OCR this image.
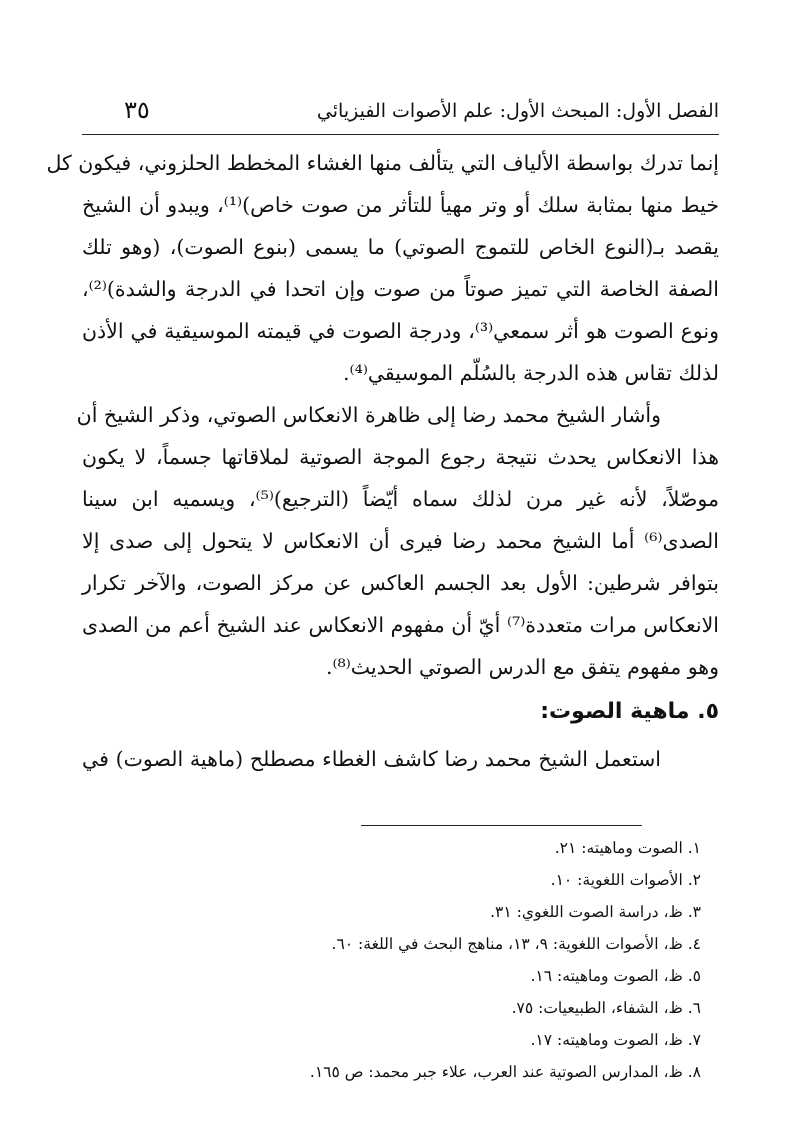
الفصل الأول: المبحث الأول: علم الأصوات الفيزيائي
٣٥
إنما تدرك بواسطة الألياف التي يتألف منها الغشاء المخطط الحلزوني، فيكون كل
خيط منها بمثابة سلك أو وتر مهيأ للتأثر من صوت خاص)⁽¹⁾، ويبدو أن الشيخ
يقصد بـ(النوع الخاص للتموج الصوتي) ما يسمى (بنوع الصوت)، (وهو تلك
الصفة الخاصة التي تميز صوتاً من صوت وإن اتحدا في الدرجة والشدة)⁽²⁾،
ونوع الصوت هو أثر سمعي⁽³⁾، ودرجة الصوت في قيمته الموسيقية في الأذن
لذلك تقاس هذه الدرجة بالسُلّم الموسيقي⁽⁴⁾.
وأشار الشيخ محمد رضا إلى ظاهرة الانعكاس الصوتي، وذكر الشيخ أن
هذا الانعكاس يحدث نتيجة رجوع الموجة الصوتية لملاقاتها جسماً، لا يكون
موصّلاً، لأنه غير مرن لذلك سماه أيّضاً (الترجيع)⁽⁵⁾، ويسميه ابن سينا
الصدى⁽⁶⁾ أما الشيخ محمد رضا فيرى أن الانعكاس لا يتحول إلى صدى إلا
بتوافر شرطين: الأول بعد الجسم العاكس عن مركز الصوت، والآخر تكرار
الانعكاس مرات متعددة⁽⁷⁾ أيّ أن مفهوم الانعكاس عند الشيخ أعم من الصدى
وهو مفهوم يتفق مع الدرس الصوتي الحديث⁽⁸⁾.
٥. ماهية الصوت:
استعمل الشيخ محمد رضا كاشف الغطاء مصطلح (ماهية الصوت) في
١. الصوت وماهيته: ٢١.
٢. الأصوات اللغوية: ١٠.
٣. ظ، دراسة الصوت اللغوي: ٣١.
٤. ظ، الأصوات اللغوية: ٩، ١٣، مناهج البحث في اللغة: ٦٠.
٥. ظ، الصوت وماهيته: ١٦.
٦. ظ، الشفاء، الطبيعيات: ٧٥.
٧. ظ، الصوت وماهيته: ١٧.
٨. ظ، المدارس الصوتية عند العرب، علاء جبر محمد: ص ١٦٥.
